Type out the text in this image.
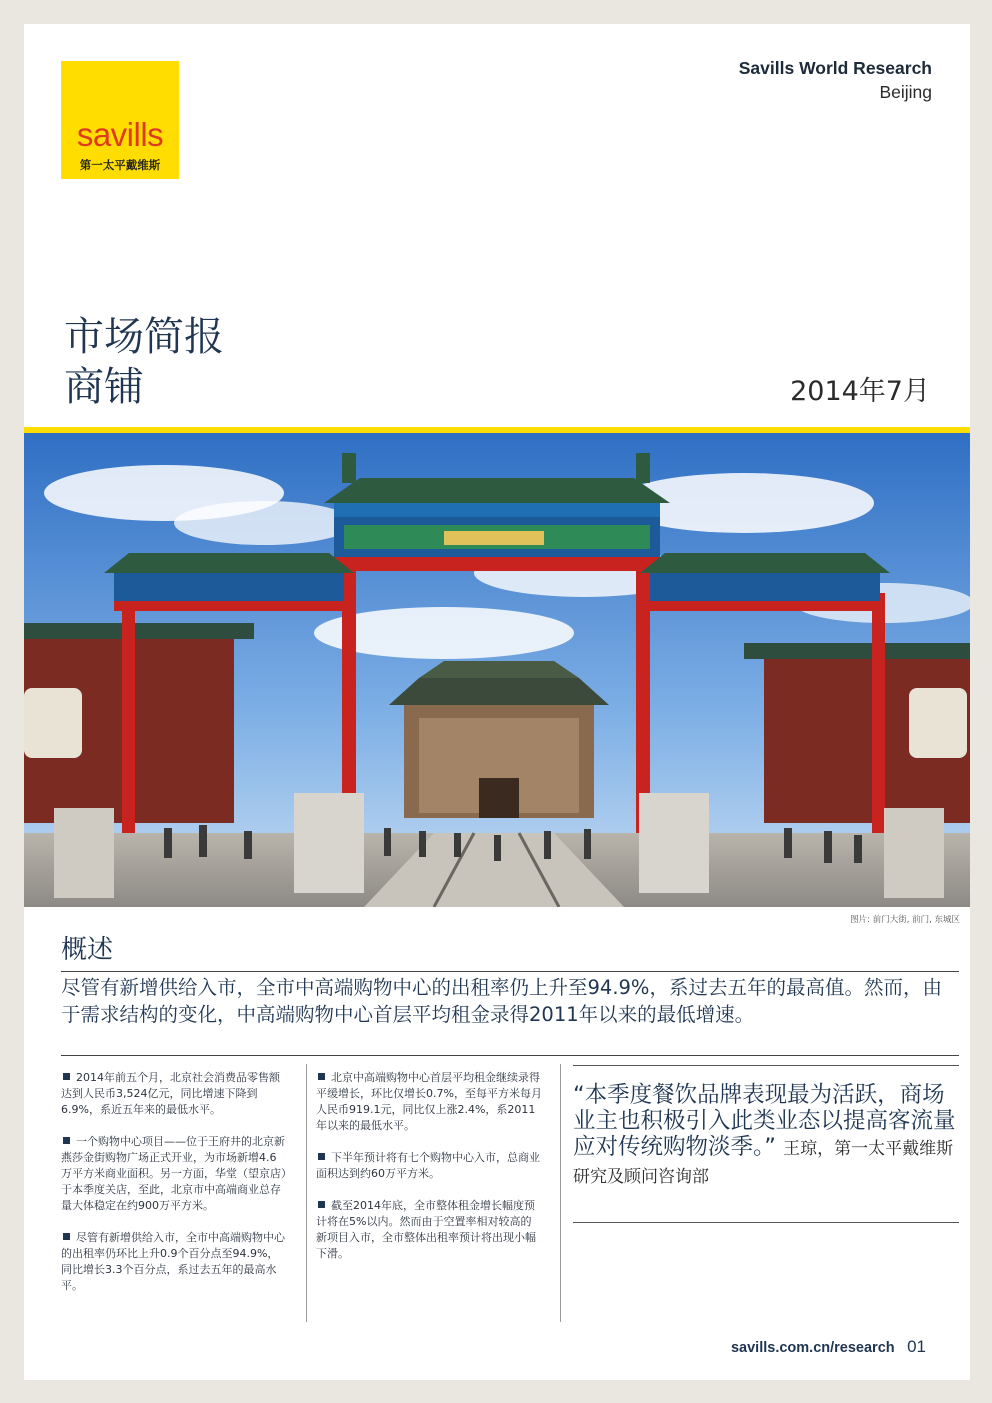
savills
第一太平戴维斯
Savills World Research
Beijing
市场简报
商铺	2014年7月
图片: 前门大街, 前门, 东城区
概述
尽管有新增供给入市，全市中高端购物中心的出租率仍上升至94.9%，系过去五年的最高值。然而，由于需求结构的变化，中高端购物中心首层平均租金录得2011年以来的最低增速。

2014年前五个月，北京社会消费品零售额达到人民币3,524亿元，同比增速下降到6.9%，系近五年来的最低水平。

一个购物中心项目——位于王府井的北京新燕莎金街购物广场正式开业，为市场新增4.6万平方米商业面积。另一方面，华堂（望京店）于本季度关店，至此，北京市中高端商业总存量大体稳定在约900万平方米。

尽管有新增供给入市，全市中高端购物中心的出租率仍环比上升0.9个百分点至94.9%，同比增长3.3个百分点，系过去五年的最高水平。

北京中高端购物中心首层平均租金继续录得平缓增长，环比仅增长0.7%，至每平方米每月人民币919.1元，同比仅上涨2.4%，系2011年以来的最低水平。

下半年预计将有七个购物中心入市，总商业面积达到约60万平方米。

截至2014年底，全市整体租金增长幅度预计将在5%以内。然而由于空置率相对较高的新项目入市，全市整体出租率预计将出现小幅下滑。

“本季度餐饮品牌表现最为活跃，商场业主也积极引入此类业态以提高客流量应对传统购物淡季。” 王琼，第一太平戴维斯研究及顾问咨询部
savills.com.cn/research 01
